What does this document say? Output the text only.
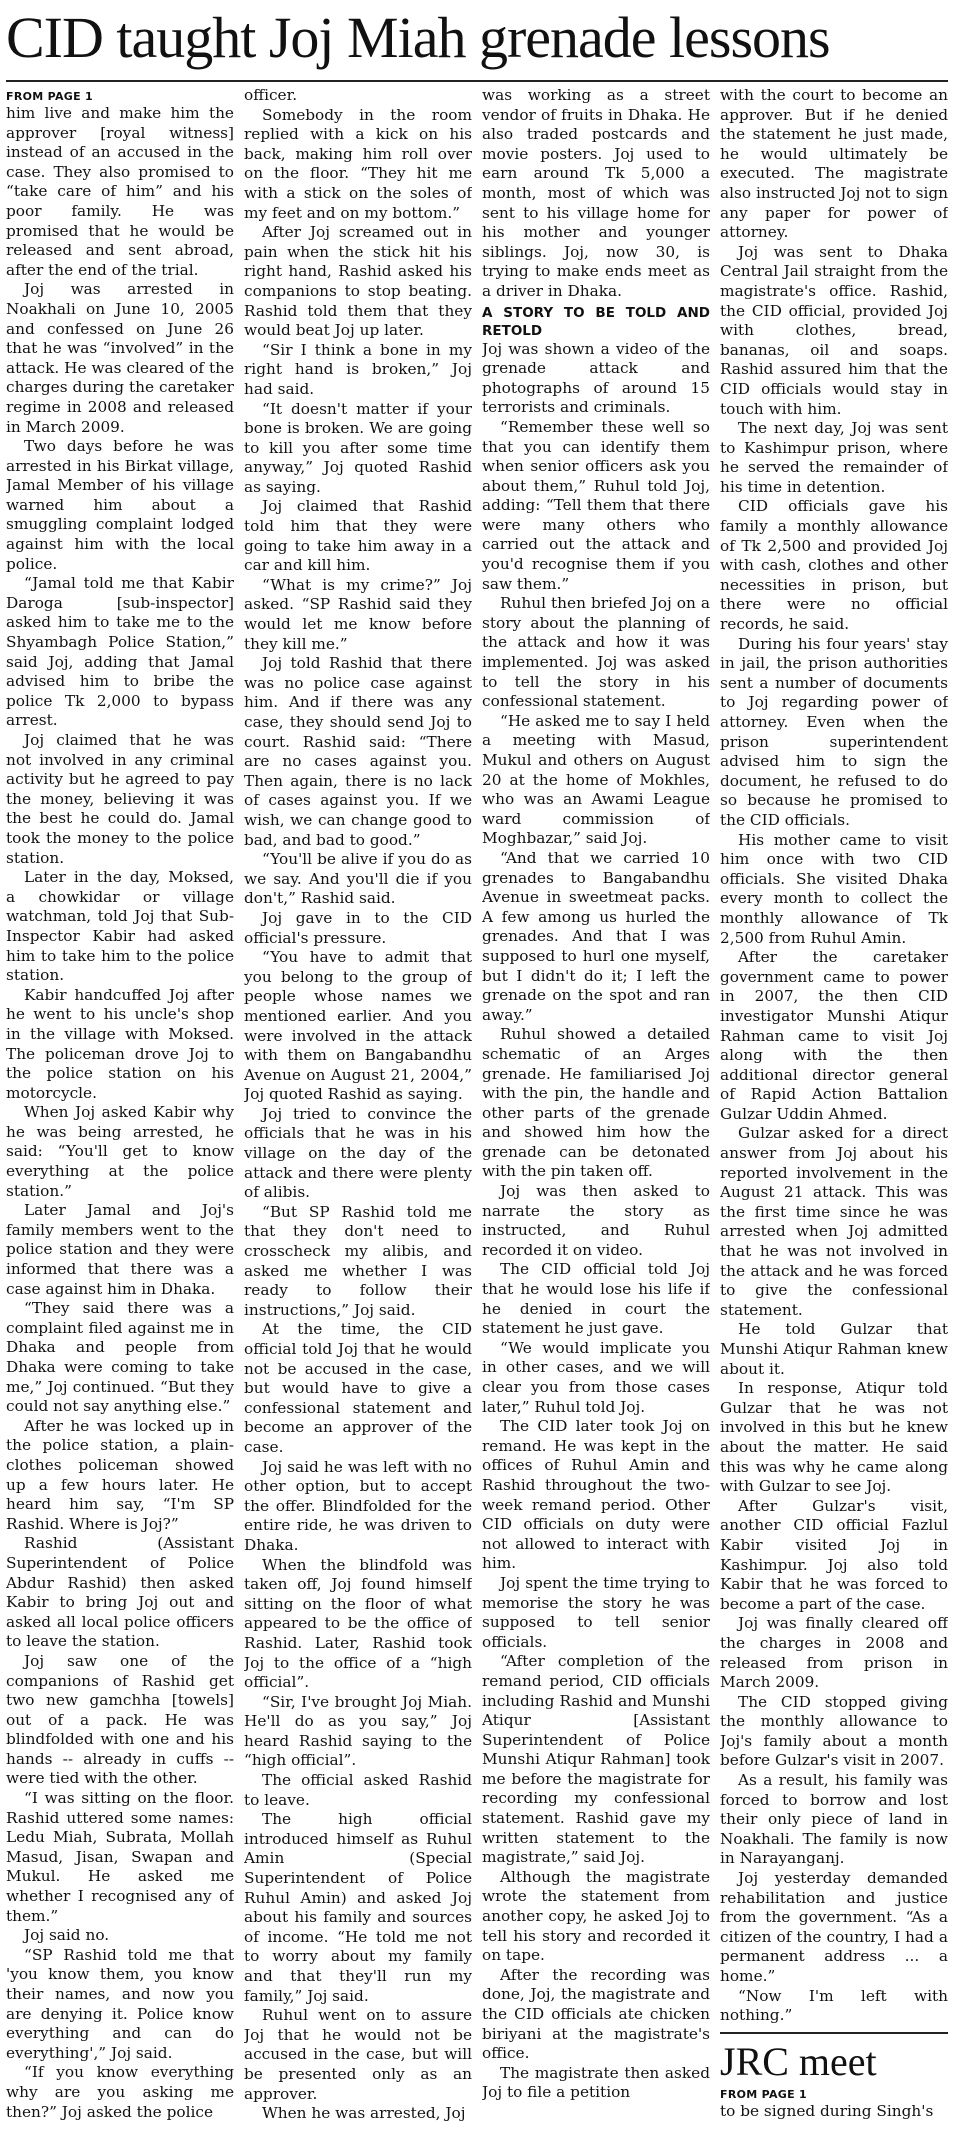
CID taught Joj Miah grenade lessons
FROM PAGE 1

him live and make him the approver [royal witness] instead of an accused in the case. They also promised to “take care of him” and his poor family. He was promised that he would be released and sent abroad, after the end of the trial.

Joj was arrested in Noakhali on June 10, 2005 and confessed on June 26 that he was “involved” in the attack. He was cleared of the charges during the caretaker regime in 2008 and released in March 2009.

Two days before he was arrested in his Birkat village, Jamal Member of his village warned him about a smuggling complaint lodged against him with the local police.

“Jamal told me that Kabir Daroga [sub-inspector] asked him to take me to the Shyambagh Police Station,” said Joj, adding that Jamal advised him to bribe the police Tk 2,000 to bypass arrest.

Joj claimed that he was not involved in any criminal activity but he agreed to pay the money, believing it was the best he could do. Jamal took the money to the police station.

Later in the day, Moksed, a chowkidar or village watchman, told Joj that Sub-Inspector Kabir had asked him to take him to the police station.

Kabir handcuffed Joj after he went to his uncle's shop in the village with Moksed. The policeman drove Joj to the police station on his motorcycle.

When Joj asked Kabir why he was being arrested, he said: “You'll get to know everything at the police station.”

Later Jamal and Joj's family members went to the police station and they were informed that there was a case against him in Dhaka.

“They said there was a complaint filed against me in Dhaka and people from Dhaka were coming to take me,” Joj continued. “But they could not say anything else.”

After he was locked up in the police station, a plain-clothes policeman showed up a few hours later. He heard him say, “I'm SP Rashid. Where is Joj?”

Rashid (Assistant Superintendent of Police Abdur Rashid) then asked Kabir to bring Joj out and asked all local police officers to leave the station.

Joj saw one of the companions of Rashid get two new gamchha [towels] out of a pack. He was blindfolded with one and his hands -- already in cuffs -- were tied with the other.

“I was sitting on the floor. Rashid uttered some names: Ledu Miah, Subrata, Mollah Masud, Jisan, Swapan and Mukul. He asked me whether I recognised any of them.”

Joj said no.

“SP Rashid told me that 'you know them, you know their names, and now you are denying it. Police know everything and can do everything',” Joj said.

“If you know everything why are you asking me then?” Joj asked the police

officer.

Somebody in the room replied with a kick on his back, making him roll over on the floor. “They hit me with a stick on the soles of my feet and on my bottom.”

After Joj screamed out in pain when the stick hit his right hand, Rashid asked his companions to stop beating. Rashid told them that they would beat Joj up later.

“Sir I think a bone in my right hand is broken,” Joj had said.

“It doesn't matter if your bone is broken. We are going to kill you after some time anyway,” Joj quoted Rashid as saying.

Joj claimed that Rashid told him that they were going to take him away in a car and kill him.

“What is my crime?” Joj asked. “SP Rashid said they would let me know before they kill me.”

Joj told Rashid that there was no police case against him. And if there was any case, they should send Joj to court. Rashid said: “There are no cases against you. Then again, there is no lack of cases against you. If we wish, we can change good to bad, and bad to good.”

“You'll be alive if you do as we say. And you'll die if you don't,” Rashid said.

Joj gave in to the CID official's pressure.

“You have to admit that you belong to the group of people whose names we mentioned earlier. And you were involved in the attack with them on Bangabandhu Avenue on August 21, 2004,” Joj quoted Rashid as saying.

Joj tried to convince the officials that he was in his village on the day of the attack and there were plenty of alibis.

“But SP Rashid told me that they don't need to crosscheck my alibis, and asked me whether I was ready to follow their instructions,” Joj said.

At the time, the CID official told Joj that he would not be accused in the case, but would have to give a confessional statement and become an approver of the case.

Joj said he was left with no other option, but to accept the offer. Blindfolded for the entire ride, he was driven to Dhaka.

When the blindfold was taken off, Joj found himself sitting on the floor of what appeared to be the office of Rashid. Later, Rashid took Joj to the office of a “high official”.

“Sir, I've brought Joj Miah. He'll do as you say,” Joj heard Rashid saying to the “high official”.

The official asked Rashid to leave.

The high official introduced himself as Ruhul Amin (Special Superintendent of Police Ruhul Amin) and asked Joj about his family and sources of income. “He told me not to worry about my family and that they'll run my family,” Joj said.

Ruhul went on to assure Joj that he would not be accused in the case, but will be presented only as an approver.

When he was arrested, Joj

was working as a street vendor of fruits in Dhaka. He also traded postcards and movie posters. Joj used to earn around Tk 5,000 a month, most of which was sent to his village home for his mother and younger siblings. Joj, now 30, is trying to make ends meet as a driver in Dhaka.

A STORY TO BE TOLD AND RETOLD

Joj was shown a video of the grenade attack and photographs of around 15 terrorists and criminals.

“Remember these well so that you can identify them when senior officers ask you about them,” Ruhul told Joj, adding: “Tell them that there were many others who carried out the attack and you'd recognise them if you saw them.”

Ruhul then briefed Joj on a story about the planning of the attack and how it was implemented. Joj was asked to tell the story in his confessional statement.

“He asked me to say I held a meeting with Masud, Mukul and others on August 20 at the home of Mokhles, who was an Awami League ward commission of Moghbazar,” said Joj.

“And that we carried 10 grenades to Bangabandhu Avenue in sweetmeat packs. A few among us hurled the grenades. And that I was supposed to hurl one myself, but I didn't do it; I left the grenade on the spot and ran away.”

Ruhul showed a detailed schematic of an Arges grenade. He familiarised Joj with the pin, the handle and other parts of the grenade and showed him how the grenade can be detonated with the pin taken off.

Joj was then asked to narrate the story as instructed, and Ruhul recorded it on video.

The CID official told Joj that he would lose his life if he denied in court the statement he just gave.

“We would implicate you in other cases, and we will clear you from those cases later,” Ruhul told Joj.

The CID later took Joj on remand. He was kept in the offices of Ruhul Amin and Rashid throughout the two-week remand period. Other CID officials on duty were not allowed to interact with him.

Joj spent the time trying to memorise the story he was supposed to tell senior officials.

“After completion of the remand period, CID officials including Rashid and Munshi Atiqur [Assistant Superintendent of Police Munshi Atiqur Rahman] took me before the magistrate for recording my confessional statement. Rashid gave my written statement to the magistrate,” said Joj.

Although the magistrate wrote the statement from another copy, he asked Joj to tell his story and recorded it on tape.

After the recording was done, Joj, the magistrate and the CID officials ate chicken biriyani at the magistrate's office.

The magistrate then asked Joj to file a petition

with the court to become an approver. But if he denied the statement he just made, he would ultimately be executed. The magistrate also instructed Joj not to sign any paper for power of attorney.

Joj was sent to Dhaka Central Jail straight from the magistrate's office. Rashid, the CID official, provided Joj with clothes, bread, bananas, oil and soaps. Rashid assured him that the CID officials would stay in touch with him.

The next day, Joj was sent to Kashimpur prison, where he served the remainder of his time in detention.

CID officials gave his family a monthly allowance of Tk 2,500 and provided Joj with cash, clothes and other necessities in prison, but there were no official records, he said.

During his four years' stay in jail, the prison authorities sent a number of documents to Joj regarding power of attorney. Even when the prison superintendent advised him to sign the document, he refused to do so because he promised to the CID officials.

His mother came to visit him once with two CID officials. She visited Dhaka every month to collect the monthly allowance of Tk 2,500 from Ruhul Amin.

After the caretaker government came to power in 2007, the then CID investigator Munshi Atiqur Rahman came to visit Joj along with the then additional director general of Rapid Action Battalion Gulzar Uddin Ahmed.

Gulzar asked for a direct answer from Joj about his reported involvement in the August 21 attack. This was the first time since he was arrested when Joj admitted that he was not involved in the attack and he was forced to give the confessional statement.

He told Gulzar that Munshi Atiqur Rahman knew about it.

In response, Atiqur told Gulzar that he was not involved in this but he knew about the matter. He said this was why he came along with Gulzar to see Joj.

After Gulzar's visit, another CID official Fazlul Kabir visited Joj in Kashimpur. Joj also told Kabir that he was forced to become a part of the case.

Joj was finally cleared off the charges in 2008 and released from prison in March 2009.

The CID stopped giving the monthly allowance to Joj's family about a month before Gulzar's visit in 2007.

As a result, his family was forced to borrow and lost their only piece of land in Noakhali. The family is now in Narayanganj.

Joj yesterday demanded rehabilitation and justice from the government. “As a citizen of the country, I had a permanent address ... a home.”

“Now I'm left with nothing.”

JRC meet
FROM PAGE 1

to be signed during Singh's
